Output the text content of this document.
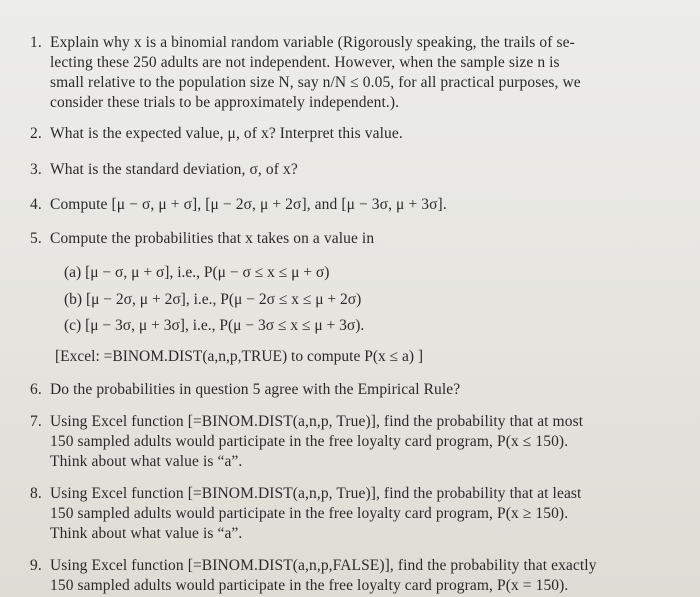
1. Explain why x is a binomial random variable (Rigorously speaking, the trails of se-
lecting these 250 adults are not independent. However, when the sample size n is
small relative to the population size N, say n/N ≤ 0.05, for all practical purposes, we
consider these trials to be approximately independent.).
2. What is the expected value, μ, of x? Interpret this value.
3. What is the standard deviation, σ, of x?
4. Compute [μ − σ, μ + σ], [μ − 2σ, μ + 2σ], and [μ − 3σ, μ + 3σ].
5. Compute the probabilities that x takes on a value in
(a) [μ − σ, μ + σ], i.e., P(μ − σ ≤ x ≤ μ + σ)
(b) [μ − 2σ, μ + 2σ], i.e., P(μ − 2σ ≤ x ≤ μ + 2σ)
(c) [μ − 3σ, μ + 3σ], i.e., P(μ − 3σ ≤ x ≤ μ + 3σ).
[Excel: =BINOM.DIST(a,n,p,TRUE) to compute P(x ≤ a) ]
6. Do the probabilities in question 5 agree with the Empirical Rule?
7. Using Excel function [=BINOM.DIST(a,n,p, True)], find the probability that at most
150 sampled adults would participate in the free loyalty card program, P(x ≤ 150).
Think about what value is “a”.
8. Using Excel function [=BINOM.DIST(a,n,p, True)], find the probability that at least
150 sampled adults would participate in the free loyalty card program, P(x ≥ 150).
Think about what value is “a”.
9. Using Excel function [=BINOM.DIST(a,n,p,FALSE)], find the probability that exactly
150 sampled adults would participate in the free loyalty card program, P(x = 150).
